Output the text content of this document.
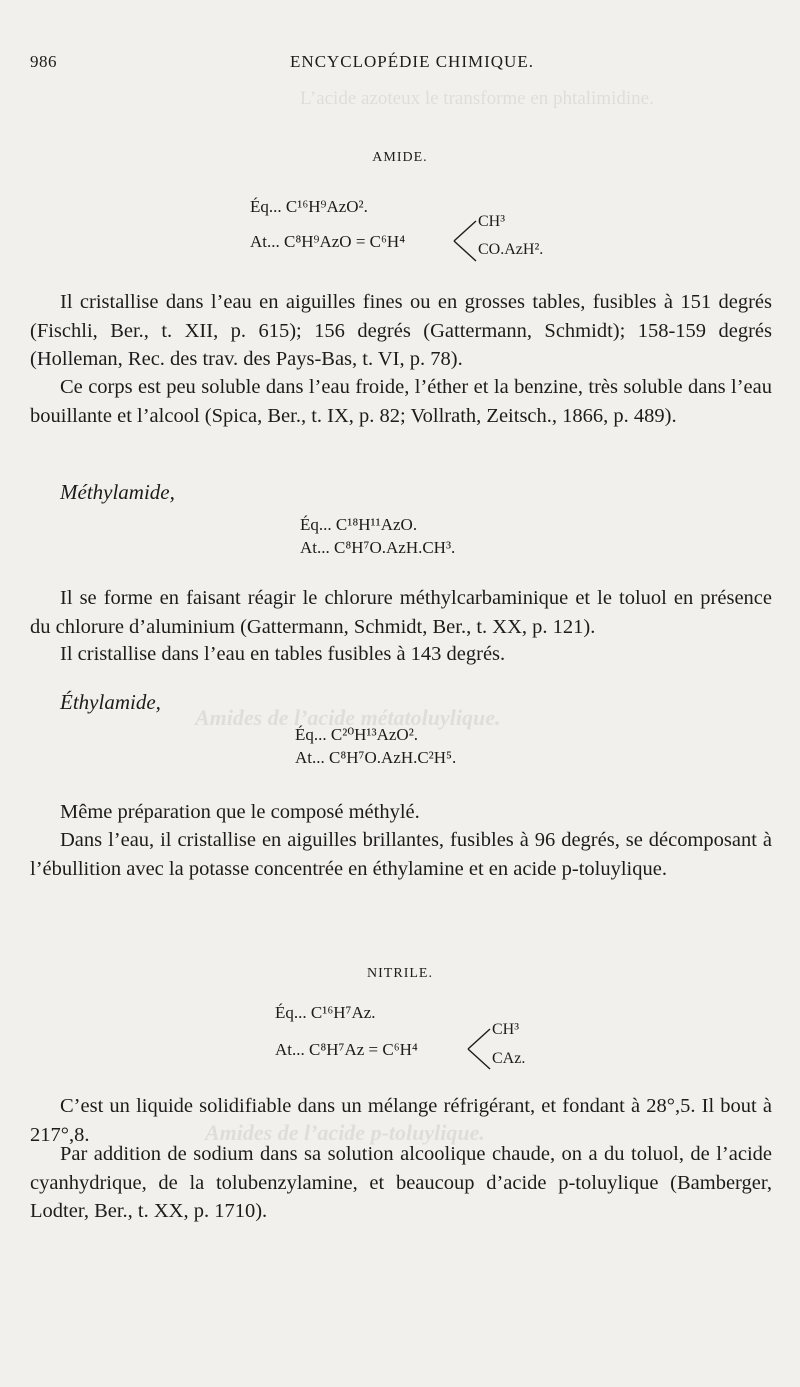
L’acide azoteux le transforme en phtalimidine.
Amides de l’acide métatoluylique.
Amides de l’acide p-toluylique.
986	ENCYCLOPÉDIE CHIMIQUE.
AMIDE.
Éq... C¹⁶H⁹AzO².
At... C⁸H⁹AzO = C⁶H⁴
CH³
CO.AzH².
Il cristallise dans l’eau en aiguilles fines ou en grosses tables, fusibles à 151 degrés (Fischli, Ber., t. XII, p. 615); 156 degrés (Gattermann, Schmidt); 158-159 degrés (Holleman, Rec. des trav. des Pays-Bas, t. VI, p. 78).
Ce corps est peu soluble dans l’eau froide, l’éther et la benzine, très soluble dans l’eau bouillante et l’alcool (Spica, Ber., t. IX, p. 82; Vollrath, Zeitsch., 1866, p. 489).
Méthylamide,
Éq... C¹⁸H¹¹AzO.
At... C⁸H⁷O.AzH.CH³.
Il se forme en faisant réagir le chlorure méthylcarbaminique et le toluol en présence du chlorure d’aluminium (Gattermann, Schmidt, Ber., t. XX, p. 121).
Il cristallise dans l’eau en tables fusibles à 143 degrés.
Éthylamide,
Éq... C²⁰H¹³AzO².
At... C⁸H⁷O.AzH.C²H⁵.
Même préparation que le composé méthylé.
Dans l’eau, il cristallise en aiguilles brillantes, fusibles à 96 degrés, se décomposant à l’ébullition avec la potasse concentrée en éthylamine et en acide p-toluylique.
NITRILE.
Éq... C¹⁶H⁷Az.
At... C⁸H⁷Az = C⁶H⁴
CH³
CAz.
C’est un liquide solidifiable dans un mélange réfrigérant, et fondant à 28°,5. Il bout à 217°,8.
Par addition de sodium dans sa solution alcoolique chaude, on a du toluol, de l’acide cyanhydrique, de la tolubenzylamine, et beaucoup d’acide p-toluylique (Bamberger, Lodter, Ber., t. XX, p. 1710).
